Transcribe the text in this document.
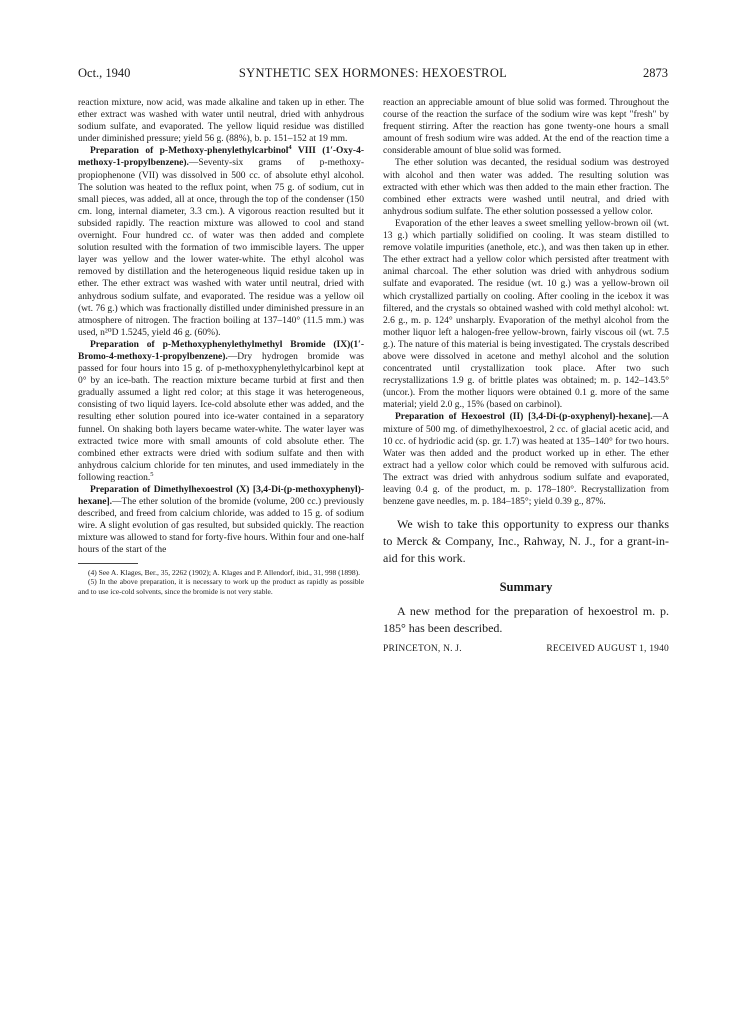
Oct., 1940	SYNTHETIC SEX HORMONES: HEXOESTROL	2873

reaction mixture, now acid, was made alkaline and taken up in ether. The ether extract was washed with water until neutral, dried with anhydrous sodium sulfate, and evaporated. The yellow liquid residue was distilled under diminished pressure; yield 56 g. (88%), b. p. 151–152 at 19 mm.

Preparation of p-Methoxy-phenylethylcarbinol$^4$ VIII (1′-Oxy-4-methoxy-1-propylbenzene).—Seventy-six grams of p-methoxy-propiophenone (VII) was dissolved in 500 cc. of absolute ethyl alcohol. The solution was heated to the reflux point, when 75 g. of sodium, cut in small pieces, was added, all at once, through the top of the condenser (150 cm. long, internal diameter, 3.3 cm.). A vigorous reaction resulted but it subsided rapidly. The reaction mixture was allowed to cool and stand overnight. Four hundred cc. of water was then added and complete solution resulted with the formation of two immiscible layers. The upper layer was yellow and the lower water-white. The ethyl alcohol was removed by distillation and the heterogeneous liquid residue taken up in ether. The ether extract was washed with water until neutral, dried with anhydrous sodium sulfate, and evaporated. The residue was a yellow oil (wt. 76 g.) which was fractionally distilled under diminished pressure in an atmosphere of nitrogen. The fraction boiling at 137–140° (11.5 mm.) was used, n²⁰D 1.5245, yield 46 g. (60%).

Preparation of p-Methoxyphenylethylmethyl Bromide (IX)(1′-Bromo-4-methoxy-1-propylbenzene).—Dry hydrogen bromide was passed for four hours into 15 g. of p-methoxyphenylethylcarbinol kept at 0° by an ice-bath. The reaction mixture became turbid at first and then gradually assumed a light red color; at this stage it was heterogeneous, consisting of two liquid layers. Ice-cold absolute ether was added, and the resulting ether solution poured into ice-water contained in a separatory funnel. On shaking both layers became water-white. The water layer was extracted twice more with small amounts of cold absolute ether. The combined ether extracts were dried with sodium sulfate and then with anhydrous calcium chloride for ten minutes, and used immediately in the following reaction.$^5$

Preparation of Dimethylhexoestrol (X) [3,4-Di-(p-methoxyphenyl)-hexane].—The ether solution of the bromide (volume, 200 cc.) previously described, and freed from calcium chloride, was added to 15 g. of sodium wire. A slight evolution of gas resulted, but subsided quickly. The reaction mixture was allowed to stand for forty-five hours. Within four and one-half hours of the start of the

(4) See A. Klages, Ber., 35, 2262 (1902); A. Klages and P. Allendorf, ibid., 31, 998 (1898).

(5) In the above preparation, it is necessary to work up the product as rapidly as possible and to use ice-cold solvents, since the bromide is not very stable.

reaction an appreciable amount of blue solid was formed. Throughout the course of the reaction the surface of the sodium wire was kept "fresh" by frequent stirring. After the reaction has gone twenty-one hours a small amount of fresh sodium wire was added. At the end of the reaction time a considerable amount of blue solid was formed.

The ether solution was decanted, the residual sodium was destroyed with alcohol and then water was added. The resulting solution was extracted with ether which was then added to the main ether fraction. The combined ether extracts were washed until neutral, and dried with anhydrous sodium sulfate. The ether solution possessed a yellow color.

Evaporation of the ether leaves a sweet smelling yellow-brown oil (wt. 13 g.) which partially solidified on cooling. It was steam distilled to remove volatile impurities (anethole, etc.), and was then taken up in ether. The ether extract had a yellow color which persisted after treatment with animal charcoal. The ether solution was dried with anhydrous sodium sulfate and evaporated. The residue (wt. 10 g.) was a yellow-brown oil which crystallized partially on cooling. After cooling in the icebox it was filtered, and the crystals so obtained washed with cold methyl alcohol: wt. 2.6 g., m. p. 124° unsharply. Evaporation of the methyl alcohol from the mother liquor left a halogen-free yellow-brown, fairly viscous oil (wt. 7.5 g.). The nature of this material is being investigated. The crystals described above were dissolved in acetone and methyl alcohol and the solution concentrated until crystallization took place. After two such recrystallizations 1.9 g. of brittle plates was obtained; m. p. 142–143.5° (uncor.). From the mother liquors were obtained 0.1 g. more of the same material; yield 2.0 g., 15% (based on carbinol).

Preparation of Hexoestrol (II) [3,4-Di-(p-oxyphenyl)-hexane].—A mixture of 500 mg. of dimethylhexoestrol, 2 cc. of glacial acetic acid, and 10 cc. of hydriodic acid (sp. gr. 1.7) was heated at 135–140° for two hours. Water was then added and the product worked up in ether. The ether extract had a yellow color which could be removed with sulfurous acid. The extract was dried with anhydrous sodium sulfate and evaporated, leaving 0.4 g. of the product, m. p. 178–180°. Recrystallization from benzene gave needles, m. p. 184–185°; yield 0.39 g., 87%.

We wish to take this opportunity to express our thanks to Merck & Company, Inc., Rahway, N. J., for a grant-in-aid for this work.

Summary

A new method for the preparation of hexoestrol m. p. 185° has been described.

PRINCETON, N. J.	RECEIVED AUGUST 1, 1940
